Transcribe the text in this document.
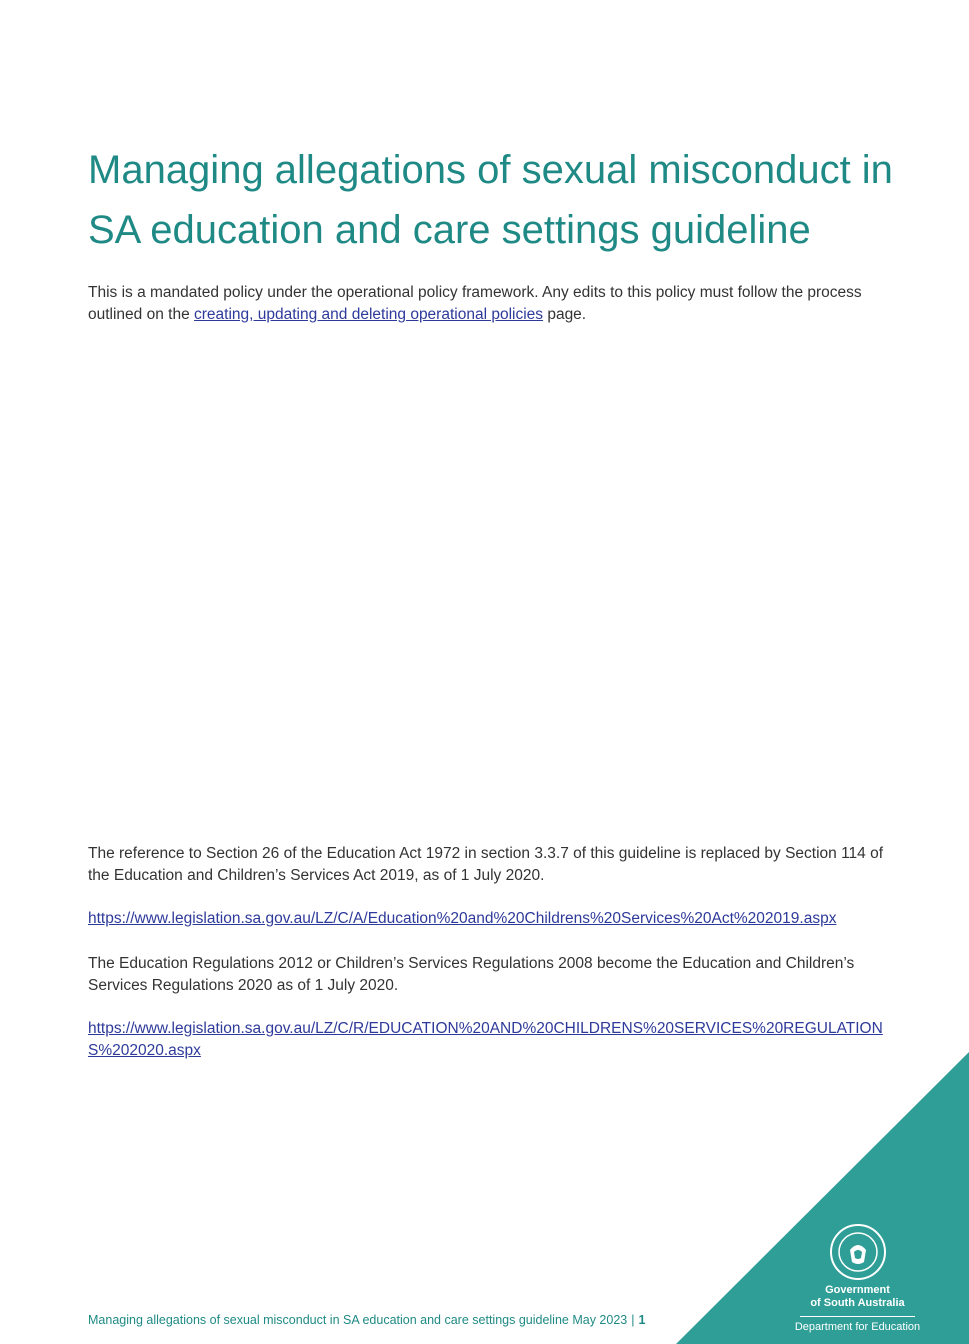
Managing allegations of sexual misconduct in SA education and care settings guideline

This is a mandated policy under the operational policy framework. Any edits to this policy must follow the process outlined on the creating, updating and deleting operational policies page.

The reference to Section 26 of the Education Act 1972 in section 3.3.7 of this guideline is replaced by Section 114 of the Education and Children’s Services Act 2019, as of 1 July 2020.

https://www.legislation.sa.gov.au/LZ/C/A/Education%20and%20Childrens%20Services%20Act%202019.aspx

The Education Regulations 2012 or Children’s Services Regulations 2008 become the Education and Children’s Services Regulations 2020 as of 1 July 2020.

https://www.legislation.sa.gov.au/LZ/C/R/EDUCATION%20AND%20CHILDRENS%20SERVICES%20REGULATIONS%202020.aspx
Managing allegations of sexual misconduct in SA education and care settings guideline May 2023 | 1
Government
of South Australia
Department for Education
